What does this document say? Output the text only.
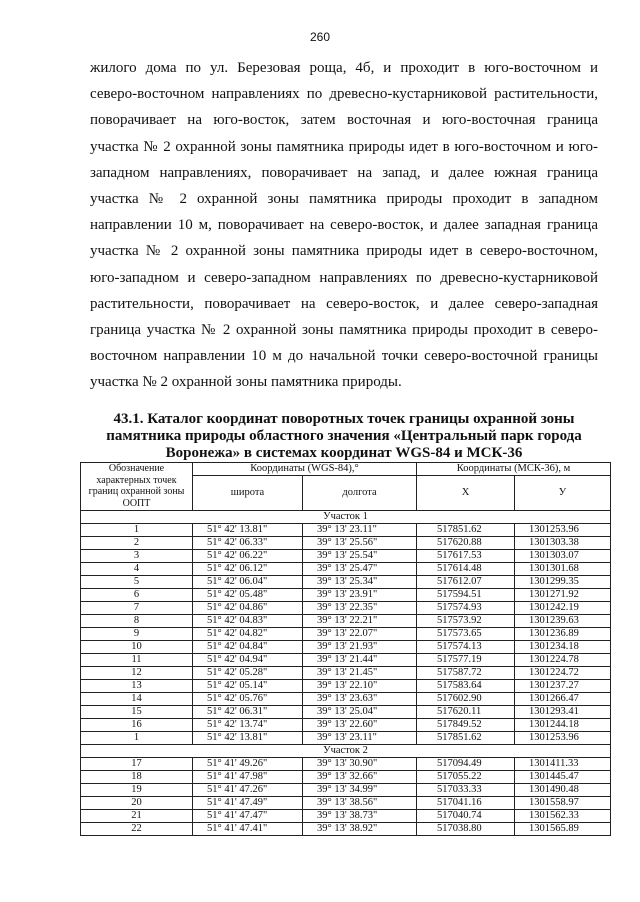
260
жилого дома по ул. Березовая роща, 4б, и проходит в юго-восточном и
северо-восточном направлениях по древесно-кустарниковой растительности,
поворачивает на юго-восток, затем восточная и юго-восточная граница
участка № 2 охранной зоны памятника природы идет в юго-восточном и юго-
западном направлениях, поворачивает на запад, и далее южная граница
участка № 2 охранной зоны памятника природы проходит в западном
направлении 10 м, поворачивает на северо-восток, и далее западная граница
участка № 2 охранной зоны памятника природы идет в северо-восточном,
юго-западном и северо-западном направлениях по древесно-кустарниковой
растительности, поворачивает на северо-восток, и далее северо-западная
граница участка № 2 охранной зоны памятника природы проходит в северо-
восточном направлении 10 м до начальной точки северо-восточной границы
участка № 2 охранной зоны памятника природы.
43.1. Каталог координат поворотных точек границы охранной зоны
памятника природы областного значения «Центральный парк города
Воронежа» в системах координат WGS-84 и МСК-36
Обозначение характерных точек границ охранной зоны ООПТ	Координаты (WGS-84),°		Координаты (МСК-36), м	
	широта	долгота	X	У
Участок 1				
1	51° 42' 13.81"	39° 13' 23.11"	517851.62	1301253.96
2	51° 42' 06.33"	39° 13' 25.56"	517620.88	1301303.38
3	51° 42' 06.22"	39° 13' 25.54"	517617.53	1301303.07
4	51° 42' 06.12"	39° 13' 25.47"	517614.48	1301301.68
5	51° 42' 06.04"	39° 13' 25.34"	517612.07	1301299.35
6	51° 42' 05.48"	39° 13' 23.91"	517594.51	1301271.92
7	51° 42' 04.86"	39° 13' 22.35"	517574.93	1301242.19
8	51° 42' 04.83"	39° 13' 22.21"	517573.92	1301239.63
9	51° 42' 04.82"	39° 13' 22.07"	517573.65	1301236.89
10	51° 42' 04.84"	39° 13' 21.93"	517574.13	1301234.18
11	51° 42' 04.94"	39° 13' 21.44"	517577.19	1301224.78
12	51° 42' 05.28"	39° 13' 21.45"	517587.72	1301224.72
13	51° 42' 05.14"	39° 13' 22.10"	517583.64	1301237.27
14	51° 42' 05.76"	39° 13' 23.63"	517602.90	1301266.47
15	51° 42' 06.31"	39° 13' 25.04"	517620.11	1301293.41
16	51° 42' 13.74"	39° 13' 22.60"	517849.52	1301244.18
1	51° 42' 13.81"	39° 13' 23.11"	517851.62	1301253.96
Участок 2				
17	51° 41' 49.26"	39° 13' 30.90"	517094.49	1301411.33
18	51° 41' 47.98"	39° 13' 32.66"	517055.22	1301445.47
19	51° 41' 47.26"	39° 13' 34.99"	517033.33	1301490.48
20	51° 41' 47.49"	39° 13' 38.56"	517041.16	1301558.97
21	51° 41' 47.47"	39° 13' 38.73"	517040.74	1301562.33
22	51° 41' 47.41"	39° 13' 38.92"	517038.80	1301565.89
